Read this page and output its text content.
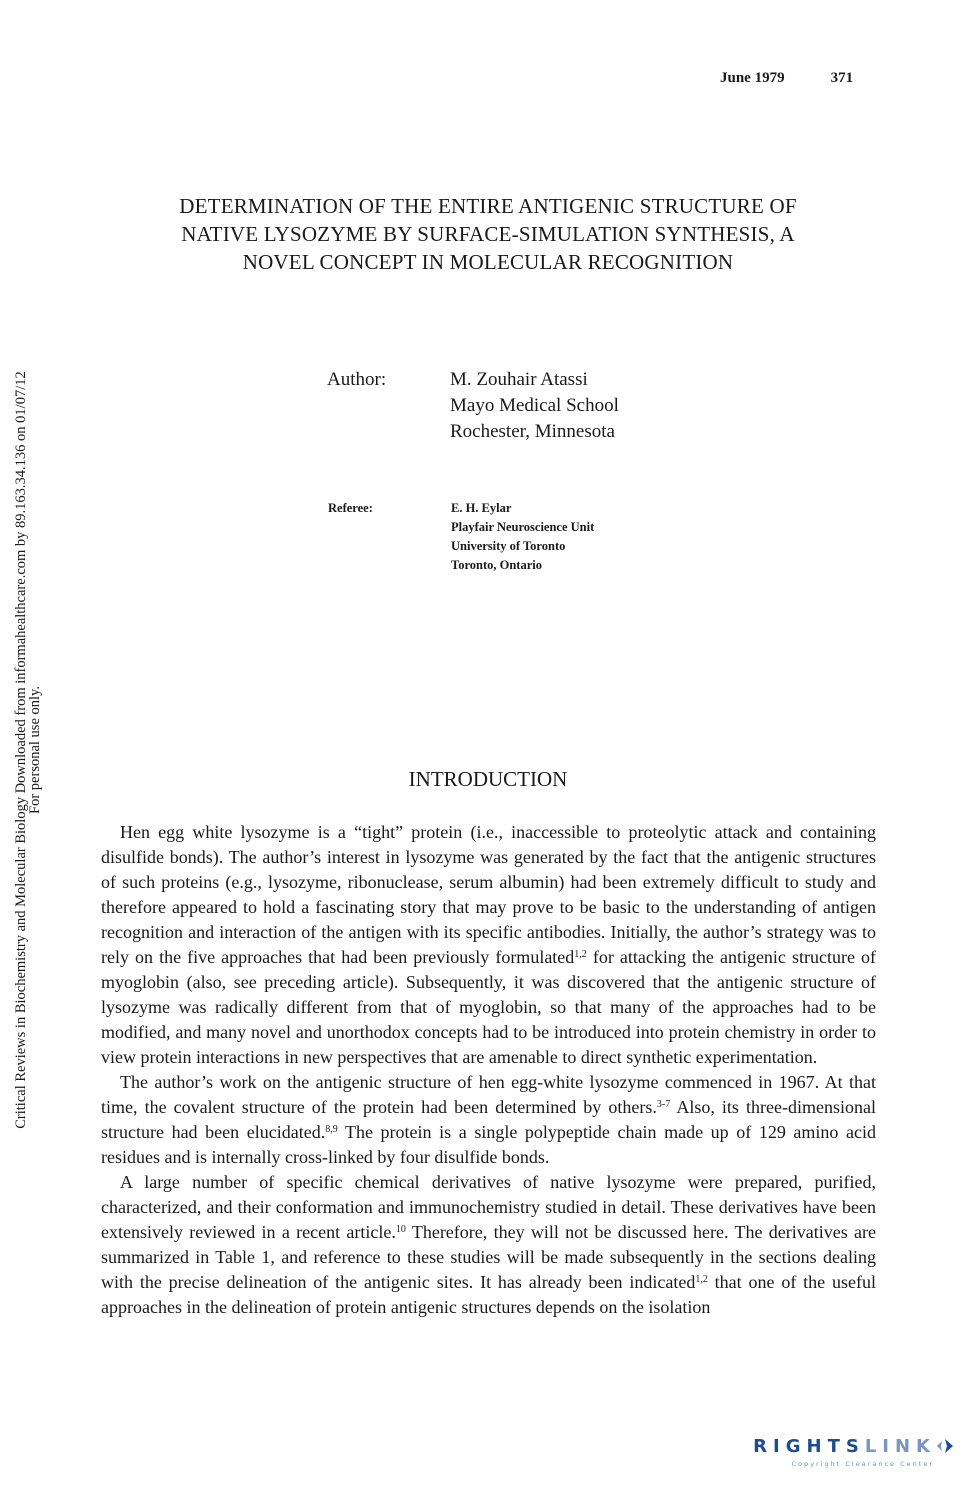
June 1979	371
DETERMINATION OF THE ENTIRE ANTIGENIC STRUCTURE OF
NATIVE LYSOZYME BY SURFACE-SIMULATION SYNTHESIS, A
NOVEL CONCEPT IN MOLECULAR RECOGNITION
Critical Reviews in Biochemistry and Molecular Biology Downloaded from informahealthcare.com by 89.163.34.136 on 01/07/12
For personal use only.
Author:	M. Zouhair Atassi
Mayo Medical School
Rochester, Minnesota
Referee:	E. H. Eylar
Playfair Neuroscience Unit
University of Toronto
Toronto, Ontario
INTRODUCTION

Hen egg white lysozyme is a “tight” protein (i.e., inaccessible to proteolytic attack and containing disulfide bonds). The author’s interest in lysozyme was generated by the fact that the antigenic structures of such proteins (e.g., lysozyme, ribonuclease, serum albumin) had been extremely difficult to study and therefore appeared to hold a fascinating story that may prove to be basic to the understanding of antigen recognition and interaction of the antigen with its specific antibodies. Initially, the author’s strategy was to rely on the five approaches that had been previously formulated$^{1,2}$ for attacking the antigenic structure of myoglobin (also, see preceding article). Subsequently, it was discovered that the antigenic structure of lysozyme was radically different from that of myoglobin, so that many of the approaches had to be modified, and many novel and unorthodox concepts had to be introduced into protein chemistry in order to view protein interactions in new perspectives that are amenable to direct synthetic experimentation.

The author’s work on the antigenic structure of hen egg-white lysozyme commenced in 1967. At that time, the covalent structure of the protein had been determined by others.$^{3-7}$ Also, its three-dimensional structure had been elucidated.$^{8,9}$ The protein is a single polypeptide chain made up of 129 amino acid residues and is internally cross-linked by four disulfide bonds.

A large number of specific chemical derivatives of native lysozyme were prepared, purified, characterized, and their conformation and immunochemistry studied in detail. These derivatives have been extensively reviewed in a recent article.$^{10}$ Therefore, they will not be discussed here. The derivatives are summarized in Table 1, and reference to these studies will be made subsequently in the sections dealing with the precise delineation of the antigenic sites. It has already been indicated$^{1,2}$ that one of the useful approaches in the delineation of protein antigenic structures depends on the isolation

RIGHTSLINK
Copyright Clearance Center
